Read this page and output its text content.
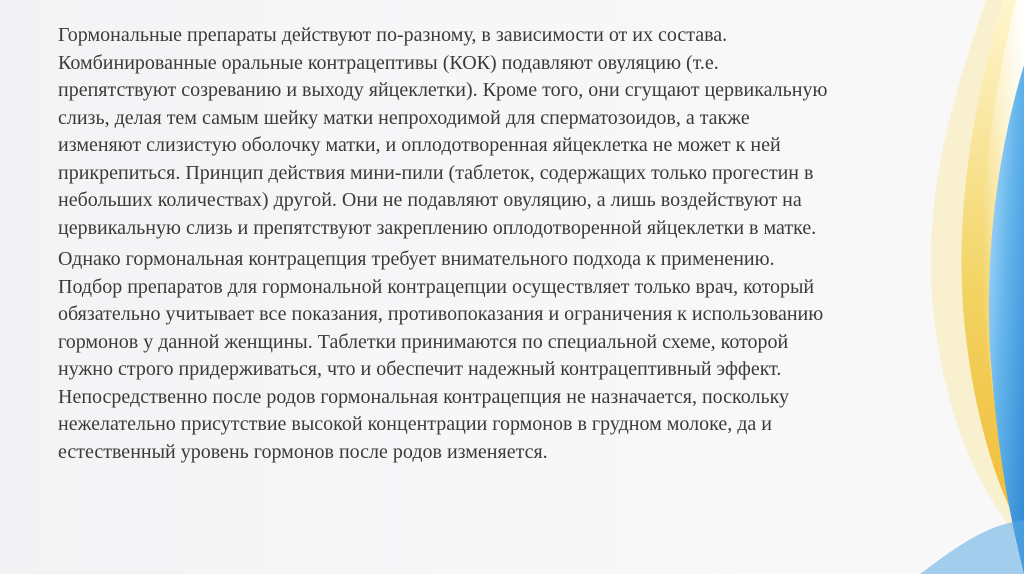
Гормональные препараты действуют по-разному, в зависимости от их состава.
Комбинированные оральные контрацептивы (КОК) подавляют овуляцию (т.е.
препятствуют созреванию и выходу яйцеклетки). Кроме того, они сгущают цервикальную
слизь, делая тем самым шейку матки непроходимой для сперматозоидов, а также
изменяют слизистую оболочку матки, и оплодотворенная яйцеклетка не может к ней
прикрепиться. Принцип действия мини-пили (таблеток, содержащих только прогестин в
небольших количествах) другой. Они не подавляют овуляцию, а лишь воздействуют на
цервикальную слизь и препятствуют закреплению оплодотворенной яйцеклетки в матке.

Однако гормональная контрацепция требует внимательного подхода к применению.
Подбор препаратов для гормональной контрацепции осуществляет только врач, который
обязательно учитывает все показания, противопоказания и ограничения к использованию
гормонов у данной женщины. Таблетки принимаются по специальной схеме, которой
нужно строго придерживаться, что и обеспечит надежный контрацептивный эффект.
Непосредственно после родов гормональная контрацепция не назначается, поскольку
нежелательно присутствие высокой концентрации гормонов в грудном молоке, да и
естественный уровень гормонов после родов изменяется.
